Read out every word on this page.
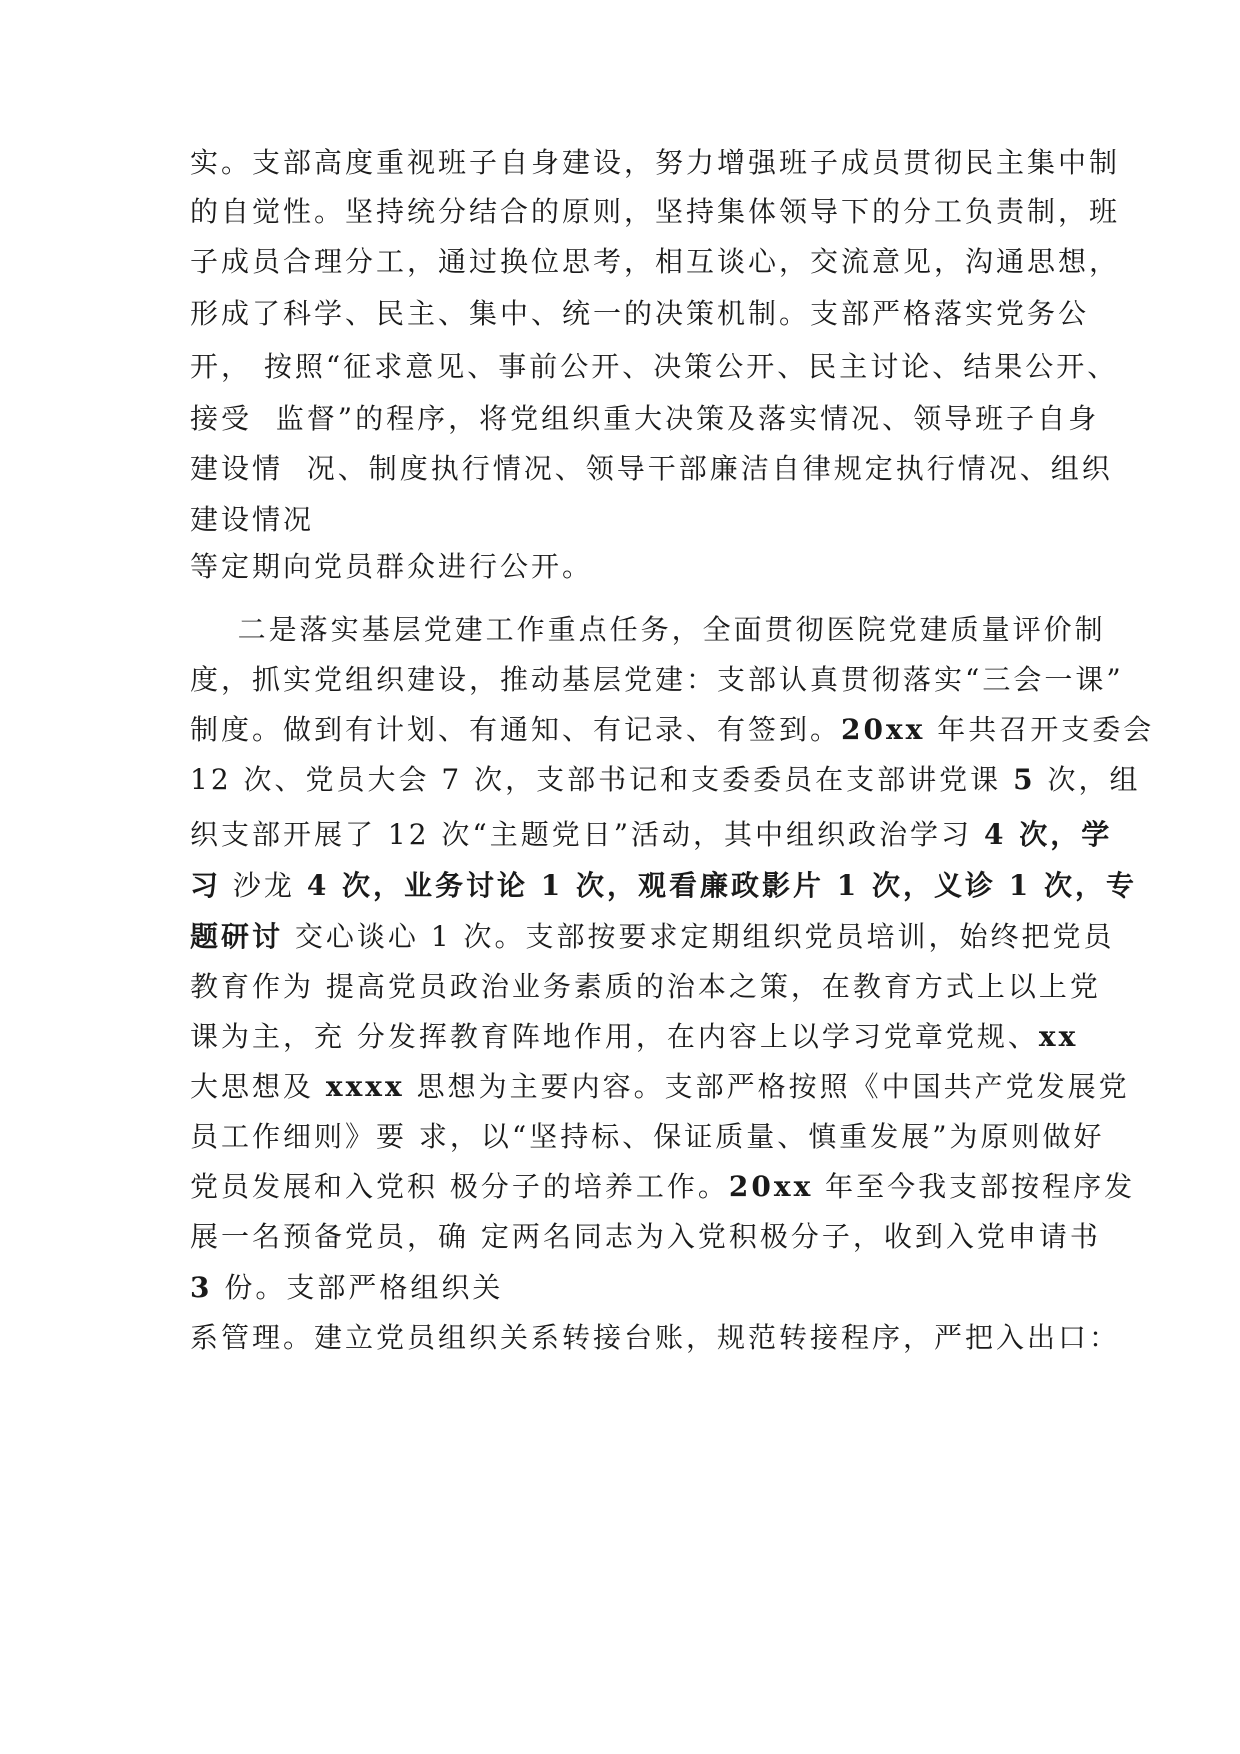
实。支部高度重视班子自身建设，努力增强班子成员贯彻民主集中制
的自觉性。坚持统分结合的原则，坚持集体领导下的分工负责制，班
子成员合理分工，通过换位思考，相互谈心，交流意见，沟通思想，
形成了科学、民主、集中、统一的决策机制。支部严格落实党务公
开， 按照“征求意见、事前公开、决策公开、民主讨论、结果公开、
接受  监督”的程序，将党组织重大决策及落实情况、领导班子自身
建设情  况、制度执行情况、领导干部廉洁自律规定执行情况、组织
建设情况
等定期向党员群众进行公开。
二是落实基层党建工作重点任务，全面贯彻医院党建质量评价制
度，抓实党组织建设，推动基层党建：支部认真贯彻落实“三会一课”
制度。做到有计划、有通知、有记录、有签到。20xx 年共召开支委会
12 次、党员大会 7 次，支部书记和支委委员在支部讲党课 5 次，组
织支部开展了 12 次“主题党日”活动，其中组织政治学习 4 次，学
习 沙龙 4 次，业务讨论 1 次，观看廉政影片 1 次，义诊 1 次，专
题研讨 交心谈心 1 次。支部按要求定期组织党员培训，始终把党员
教育作为 提高党员政治业务素质的治本之策，在教育方式上以上党
课为主，充 分发挥教育阵地作用，在内容上以学习党章党规、xx
大思想及 xxxx 思想为主要内容。支部严格按照《中国共产党发展党
员工作细则》要 求，以“坚持标、保证质量、慎重发展”为原则做好
党员发展和入党积 极分子的培养工作。20xx 年至今我支部按程序发
展一名预备党员，确 定两名同志为入党积极分子，收到入党申请书
3 份。支部严格组织关
系管理。建立党员组织关系转接台账，规范转接程序，严把入出口：
